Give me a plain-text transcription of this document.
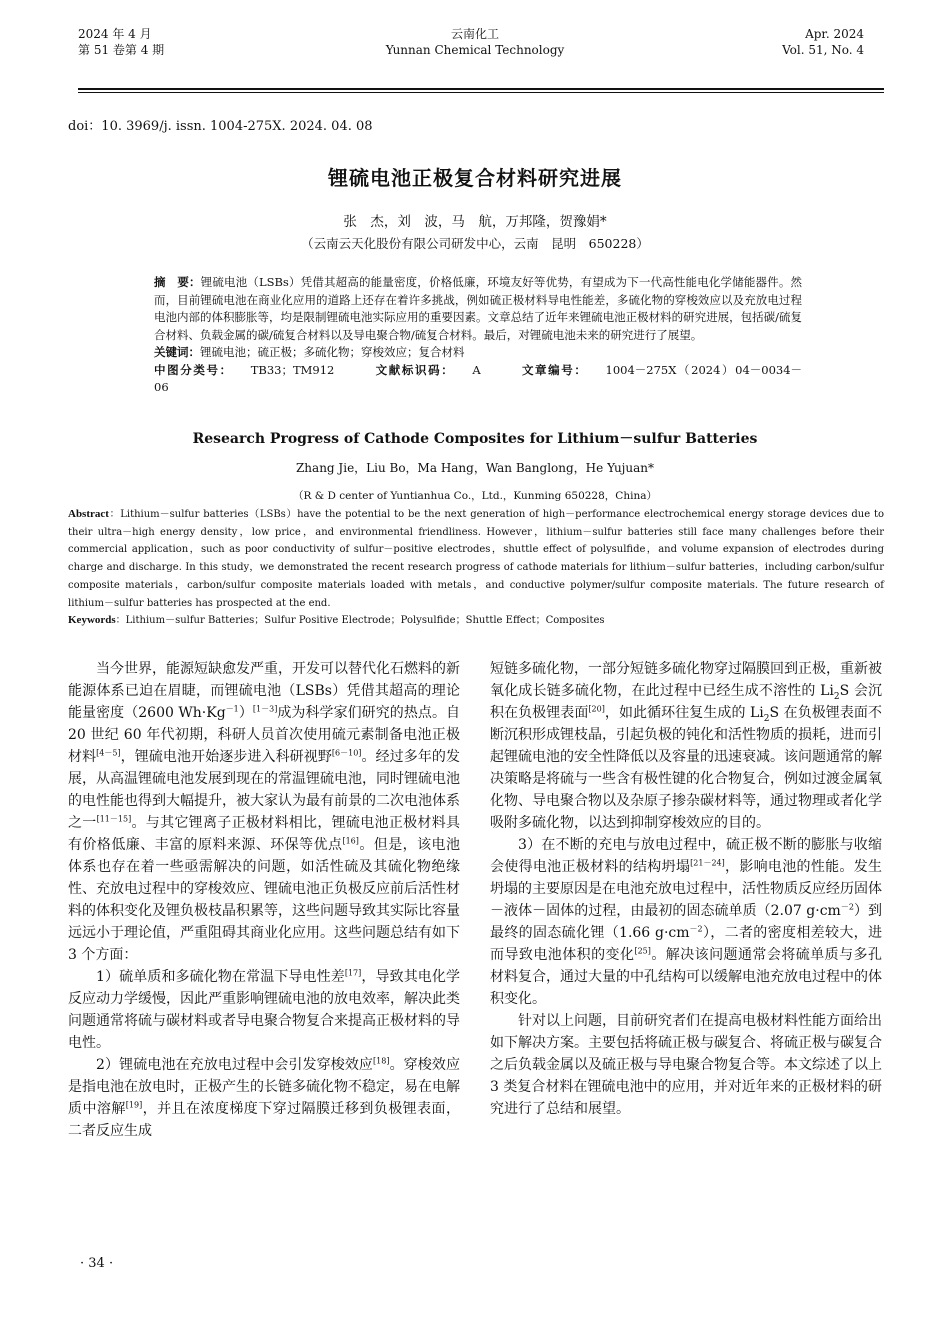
2024 年 4 月
第 51 卷第 4 期
云南化工
Yunnan Chemical Technology
Apr. 2024
Vol. 51, No. 4
doi：10. 3969/j. issn. 1004-275X. 2024. 04. 08
锂硫电池正极复合材料研究进展
张　杰，刘　波，马　航，万邦隆，贺豫娟*
（云南云天化股份有限公司研发中心，云南　昆明　650228）
摘　要：锂硫电池（LSBs）凭借其超高的能量密度，价格低廉，环境友好等优势，有望成为下一代高性能电化学储能器件。然而，目前锂硫电池在商业化应用的道路上还存在着许多挑战，例如硫正极材料导电性能差，多硫化物的穿梭效应以及充放电过程电池内部的体积膨胀等，均是限制锂硫电池实际应用的重要因素。文章总结了近年来锂硫电池正极材料的研究进展，包括碳/硫复合材料、负载金属的碳/硫复合材料以及导电聚合物/硫复合材料。最后，对锂硫电池未来的研究进行了展望。
关键词：锂硫电池；硫正极；多硫化物；穿梭效应；复合材料
中图分类号： TB33；TM912	文献标识码： A	文章编号： 1004－275X（2024）04－0034－06
Research Progress of Cathode Composites for Lithium－sulfur Batteries
Zhang Jie，Liu Bo，Ma Hang，Wan Banglong，He Yujuan*
（R & D center of Yuntianhua Co.，Ltd.，Kunming 650228，China）
Abstract：Lithium－sulfur batteries（LSBs）have the potential to be the next generation of high－performance electrochemical energy storage devices due to their ultra－high energy density，low price，and environmental friendliness. However，lithium－sulfur batteries still face many challenges before their commercial application，such as poor conductivity of sulfur－positive electrodes，shuttle effect of polysulfide，and volume expansion of electrodes during charge and discharge. In this study，we demonstrated the recent research progress of cathode materials for lithium－sulfur batteries，including carbon/sulfur composite materials，carbon/sulfur composite materials loaded with metals，and conductive polymer/sulfur composite materials. The future research of lithium－sulfur batteries has prospected at the end.
Keywords：Lithium－sulfur Batteries；Sulfur Positive Electrode；Polysulfide；Shuttle Effect；Composites

当今世界，能源短缺愈发严重，开发可以替代化石燃料的新能源体系已迫在眉睫，而锂硫电池（LSBs）凭借其超高的理论能量密度（2600 $Wh\cdot Kg^{-1})[1-3]$成为科学家们研究的热点。自 20 世纪 60 年代初期，科研人员首次使用硫元素制备电池正极材料[4－5]，锂硫电池开始逐步进入科研视野[6－10]。经过多年的发展，从高温锂硫电池发展到现在的常温锂硫电池，同时锂硫电池的电性能也得到大幅提升，被大家认为最有前景的二次电池体系之一[11－15]。与其它锂离子正极材料相比，锂硫电池正极材料具有价格低廉、丰富的原料来源、环保等优点[16]。但是，该电池体系也存在着一些亟需解决的问题，如活性硫及其硫化物绝缘性、充放电过程中的穿梭效应、锂硫电池正负极反应前后活性材料的体积变化及锂负极枝晶积累等，这些问题导致其实际比容量远远小于理论值，严重阻碍其商业化应用。这些问题总结有如下 3 个方面：

1）硫单质和多硫化物在常温下导电性差[17]，导致其电化学反应动力学缓慢，因此严重影响锂硫电池的放电效率，解决此类问题通常将硫与碳材料或者导电聚合物复合来提高正极材料的导电性。

2）锂硫电池在充放电过程中会引发穿梭效应[18]。穿梭效应是指电池在放电时，正极产生的长链多硫化物不稳定，易在电解质中溶解[19]，并且在浓度梯度下穿过隔膜迁移到负极锂表面，二者反应生成

短链多硫化物，一部分短链多硫化物穿过隔膜回到正极，重新被氧化成长链多硫化物，在此过程中已经生成不溶性的 $Li_2S$ 会沉积在负极锂表面[20]，如此循环往复生成的 $Li_2S$ 在负极锂表面不断沉积形成锂枝晶，引起负极的钝化和活性物质的损耗，进而引起锂硫电池的安全性降低以及容量的迅速衰减。该问题通常的解决策略是将硫与一些含有极性键的化合物复合，例如过渡金属氧化物、导电聚合物以及杂原子掺杂碳材料等，通过物理或者化学吸附多硫化物，以达到抑制穿梭效应的目的。

3）在不断的充电与放电过程中，硫正极不断的膨胀与收缩会使得电池正极材料的结构坍塌[21－24]，影响电池的性能。发生坍塌的主要原因是在电池充放电过程中，活性物质反应经历固体－液体－固体的过程，由最初的固态硫单质（2.07 $g\cdot cm^{-2}$）到最终的固态硫化锂（1.66 $g\cdot cm^{-2}$），二者的密度相差较大，进而导致电池体积的变化[25]。解决该问题通常会将硫单质与多孔材料复合，通过大量的中孔结构可以缓解电池充放电过程中的体积变化。

针对以上问题，目前研究者们在提高电极材料性能方面给出如下解决方案。主要包括将硫正极与碳复合、将硫正极与碳复合之后负载金属以及硫正极与导电聚合物复合等。本文综述了以上 3 类复合材料在锂硫电池中的应用，并对近年来的正极材料的研究进行了总结和展望。

· 34 ·
